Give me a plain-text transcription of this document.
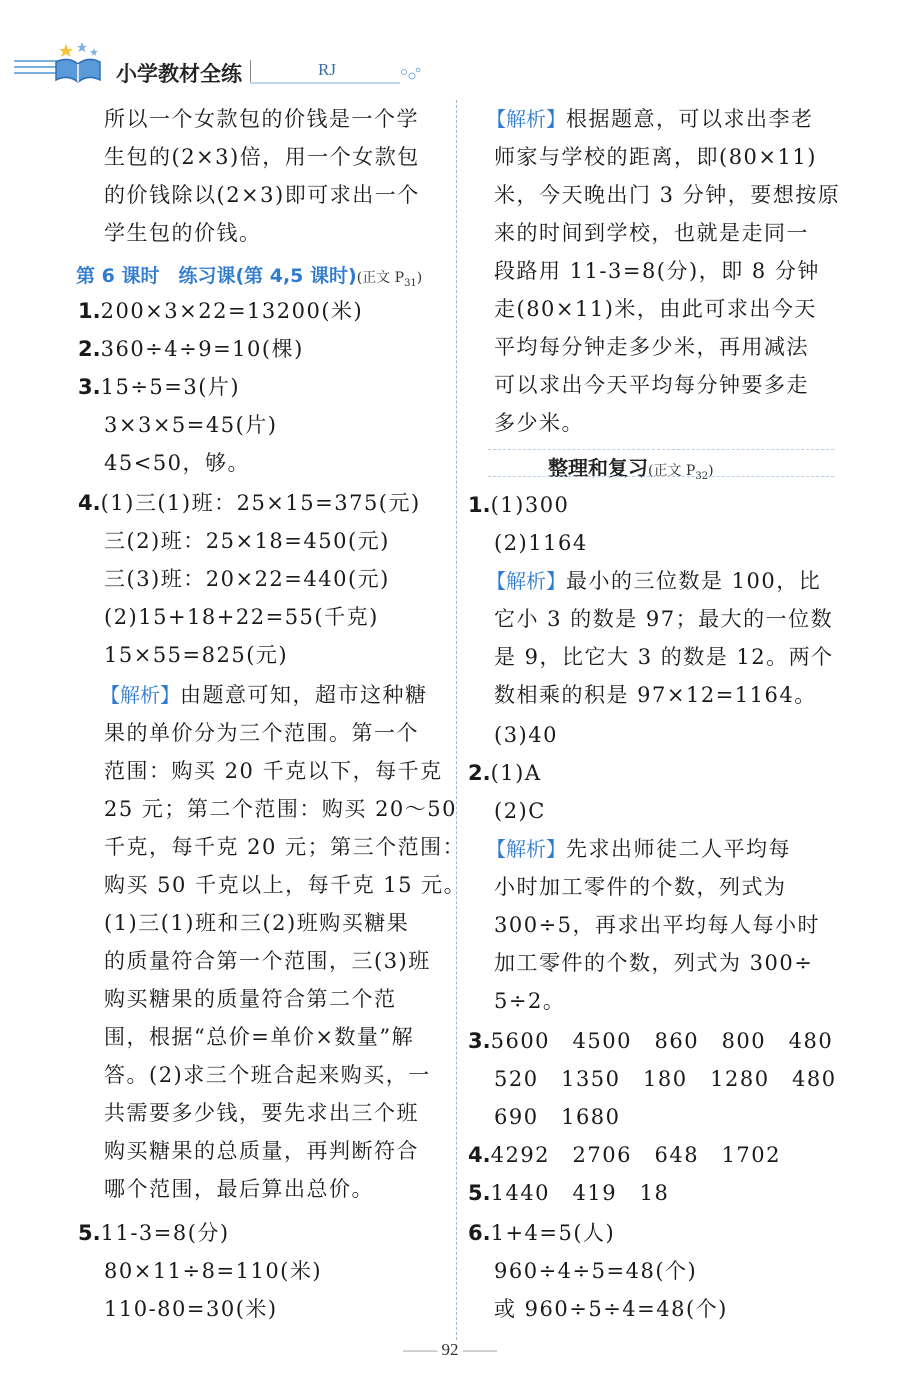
小学教材全练	RJ
所以一个女款包的价钱是一个学
生包的(2×3)倍，用一个女款包
的价钱除以(2×3)即可求出一个
学生包的价钱。
第 6 课时　练习课(第 4,5 课时)(正文 $P_{31}$)
1.200×3×22=13200(米)
2.360÷4÷9=10(棵)
3.15÷5=3(片)
3×3×5=45(片)
45<50，够。
4.(1)三(1)班：25×15=375(元)
三(2)班：25×18=450(元)
三(3)班：20×22=440(元)
(2)15+18+22=55(千克)
15×55=825(元)
【解析】由题意可知，超市这种糖
果的单价分为三个范围。第一个
范围：购买 20 千克以下，每千克
25 元；第二个范围：购买 20～50
千克，每千克 20 元；第三个范围：
购买 50 千克以上，每千克 15 元。
(1)三(1)班和三(2)班购买糖果
的质量符合第一个范围，三(3)班
购买糖果的质量符合第二个范
围，根据“总价=单价×数量”解
答。(2)求三个班合起来购买，一
共需要多少钱，要先求出三个班
购买糖果的总质量，再判断符合
哪个范围，最后算出总价。
5.11-3=8(分)
80×11÷8=110(米)
110-80=30(米)
【解析】根据题意，可以求出李老
师家与学校的距离，即(80×11)
米，今天晚出门 3 分钟，要想按原
来的时间到学校，也就是走同一
段路用 11-3=8(分)，即 8 分钟
走(80×11)米，由此可求出今天
平均每分钟走多少米，再用减法
可以求出今天平均每分钟要多走
多少米。
整理和复习(正文 $P_{32}$)
1.(1)300
(2)1164
【解析】最小的三位数是 100，比
它小 3 的数是 97；最大的一位数
是 9，比它大 3 的数是 12。两个
数相乘的积是 97×12=1164。
(3)40
2.(1)A
(2)C
【解析】先求出师徒二人平均每
小时加工零件的个数，列式为
300÷5，再求出平均每人每小时
加工零件的个数，列式为 300÷
5÷2。
3.5600　4500　860　800　480
520　1350　180　1280　480
690　1680
4.4292　2706　648　1702
5.1440　419　18
6.1+4=5(人)
960÷4÷5=48(个)
或 960÷5÷4=48(个)
—— 92 ——
